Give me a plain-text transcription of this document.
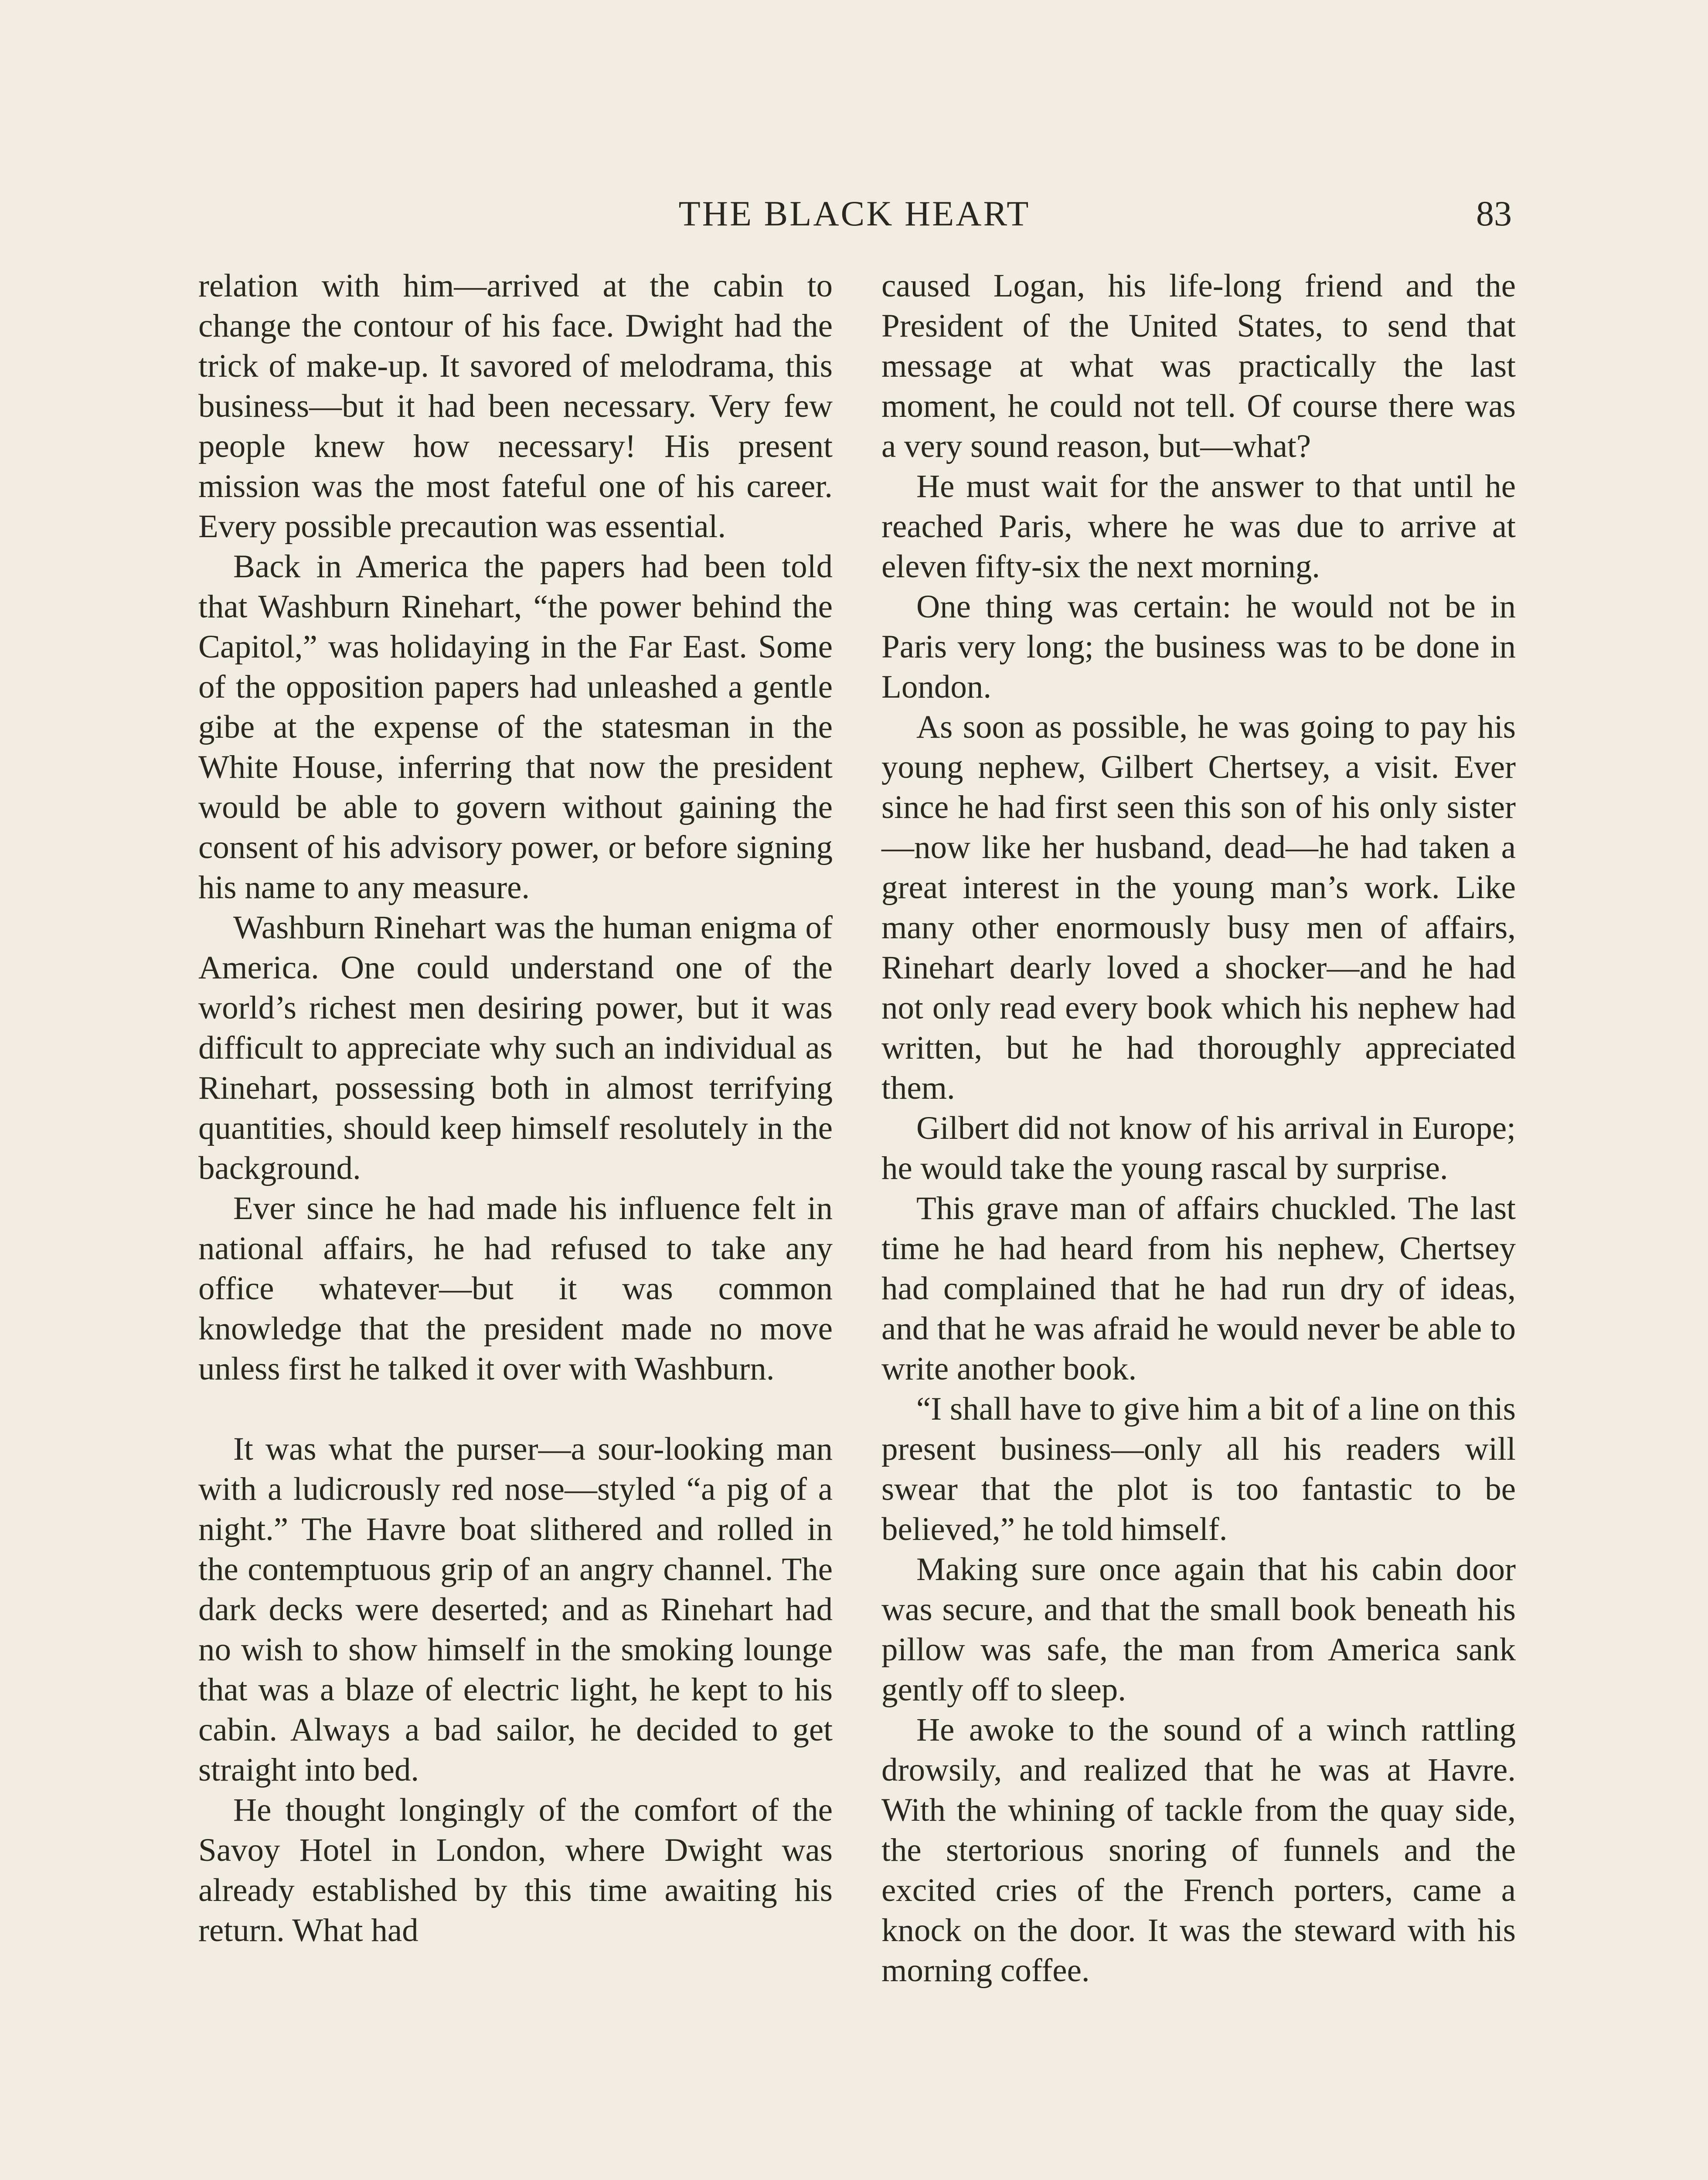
THE BLACK HEART	83

relation with him—arrived at the cabin to change the contour of his face. Dwight had the trick of make-up. It savored of melodrama, this business—but it had been necessary. Very few people knew how necessary! His present mission was the most fateful one of his career. Every possible precaution was essential.

Back in America the papers had been told that Washburn Rinehart, “the power behind the Capitol,” was holidaying in the Far East. Some of the opposition papers had unleashed a gentle gibe at the expense of the statesman in the White House, inferring that now the president would be able to govern without gaining the consent of his advisory power, or before signing his name to any measure.

Washburn Rinehart was the human enigma of America. One could understand one of the world’s richest men desiring power, but it was difficult to appreciate why such an individual as Rinehart, possessing both in almost terrifying quantities, should keep himself resolutely in the background.

Ever since he had made his influence felt in national affairs, he had refused to take any office whatever—but it was common knowledge that the president made no move unless first he talked it over with Washburn.

It was what the purser—a sour-looking man with a ludicrously red nose—styled “a pig of a night.” The Havre boat slithered and rolled in the contemptuous grip of an angry channel. The dark decks were deserted; and as Rinehart had no wish to show himself in the smoking lounge that was a blaze of electric light, he kept to his cabin. Always a bad sailor, he decided to get straight into bed.

He thought longingly of the comfort of the Savoy Hotel in London, where Dwight was already established by this time awaiting his return. What had

caused Logan, his life-long friend and the President of the United States, to send that message at what was practically the last moment, he could not tell. Of course there was a very sound reason, but—what?

He must wait for the answer to that until he reached Paris, where he was due to arrive at eleven fifty-six the next morning.

One thing was certain: he would not be in Paris very long; the business was to be done in London.

As soon as possible, he was going to pay his young nephew, Gilbert Chertsey, a visit. Ever since he had first seen this son of his only sister—now like her husband, dead—he had taken a great interest in the young man’s work. Like many other enormously busy men of affairs, Rinehart dearly loved a shocker—and he had not only read every book which his nephew had written, but he had thoroughly appreciated them.

Gilbert did not know of his arrival in Europe; he would take the young rascal by surprise.

This grave man of affairs chuckled. The last time he had heard from his nephew, Chertsey had complained that he had run dry of ideas, and that he was afraid he would never be able to write another book.

“I shall have to give him a bit of a line on this present business—only all his readers will swear that the plot is too fantastic to be believed,” he told himself.

Making sure once again that his cabin door was secure, and that the small book beneath his pillow was safe, the man from America sank gently off to sleep.

He awoke to the sound of a winch rattling drowsily, and realized that he was at Havre. With the whining of tackle from the quay side, the stertorious snoring of funnels and the excited cries of the French porters, came a knock on the door. It was the steward with his morning coffee.
